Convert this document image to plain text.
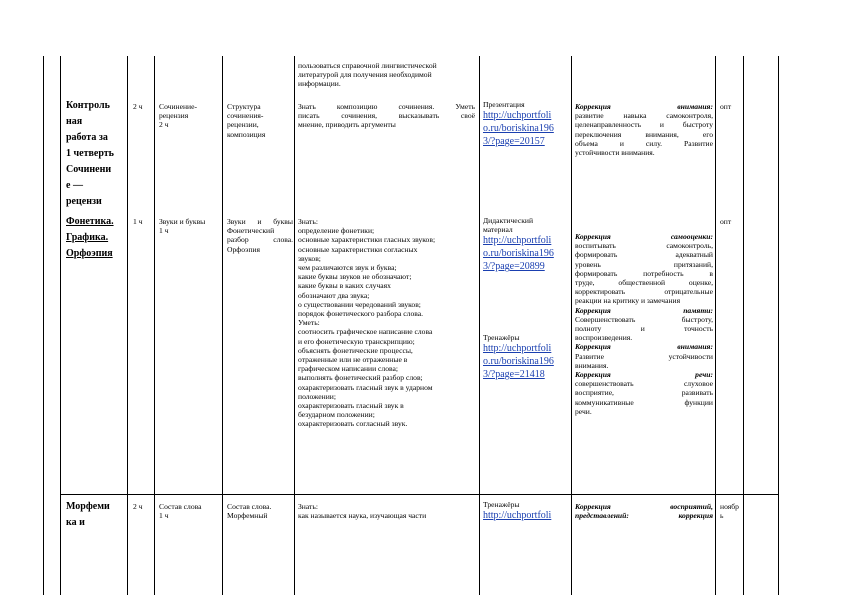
пользоваться справочной лингвистической литературой для получения необходимой информации.
Контроль
ная
работа за
1 четверть
Сочинени
е —
рецензи
2 ч Сочинение-рецензия
2 ч
Структура
сочинения-
рецензии,
композиция
Знать композицию сочинения. Уметь
писать сочинения, высказывать своё
мнение, приводить аргументы
Презентация
http://uchportfoli
o.ru/boriskina196
3/?page=20157
Коррекция внимания:
развитие навыка самоконтроля,
целенаправленность и быстроту
переключения внимания, его
объема и силу. Развитие
устойчивости внимания.
опт
Фонетика.
Графика.
Орфоэпия
1 ч Звуки и буквы
1 ч
Звуки и буквы
Фонетический
разбор слова.
Орфоэпия
Знать:
определение фонетики;
основные характеристики гласных звуков;
основные характеристики согласных
звуков;
чем различаются звук и буква;
какие буквы звуков не обозначают;
какие буквы в каких случаях
обозначают два звука;
о существовании чередований звуков;
порядок фонетического разбора слова.
Уметь:
соотносить графическое написание слова
и его фонетическую транскрипцию;
объяснять фонетические процессы,
отраженные или не отраженные в
графическом написании слова;
выполнять фонетический разбор слов;
охарактеризовать гласный звук в ударном
положении;
охарактеризовать гласный звук в
безударном положении;
охарактеризовать согласный звук.
Дидактический
материал
http://uchportfoli
o.ru/boriskina196
3/?page=20899
Тренажёры
http://uchportfoli
o.ru/boriskina196
3/?page=21418
Коррекция самооценки:
воспитывать самоконтроль,
формировать адекватный
уровень притязаний,
формировать потребность в
труде, общественной оценке,
корректировать отрицательные
реакции на критику и замечания
Коррекция памяти:
Совершенствовать быстроту,
полноту и точность
воспроизведения.
Коррекция внимания:
Развитие устойчивости
внимания.
Коррекция речи:
совершенствовать слуховое
восприятие, развивать
коммуникативные функции
речи.
опт
Морфеми
ка и
2 ч Состав слова
1 ч
Состав слова.
Морфемный
Знать:
как называется наука, изучающая части
Тренажёры
http://uchportfoli
Коррекция восприятий,
представлений: коррекция
ноябр
ь
